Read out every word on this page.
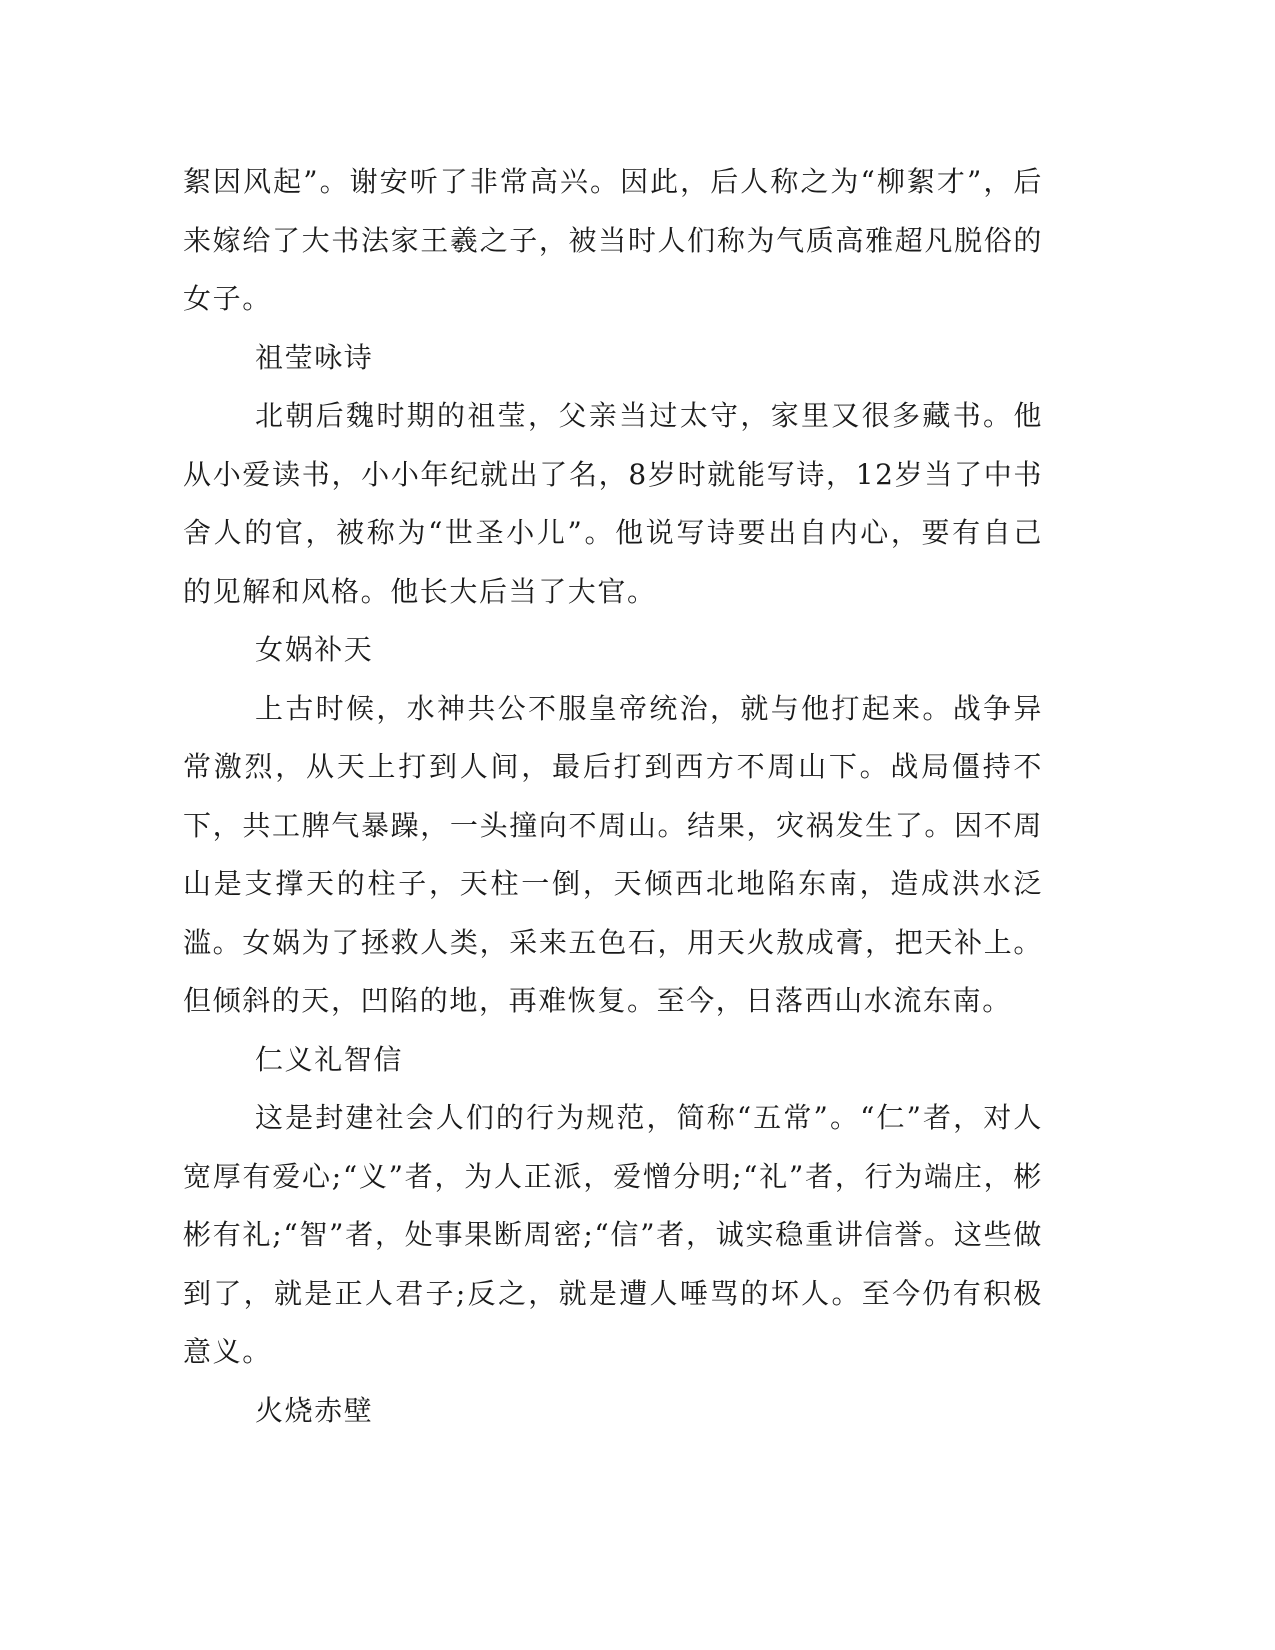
絮因风起”。谢安听了非常高兴。因此，后人称之为“柳絮才”，后来嫁给了大书法家王羲之子，被当时人们称为气质高雅超凡脱俗的女子。

祖莹咏诗

北朝后魏时期的祖莹，父亲当过太守，家里又很多藏书。他从小爱读书，小小年纪就出了名，8岁时就能写诗，12岁当了中书舍人的官，被称为“世圣小儿”。他说写诗要出自内心，要有自己的见解和风格。他长大后当了大官。

女娲补天

上古时候，水神共公不服皇帝统治，就与他打起来。战争异常激烈，从天上打到人间，最后打到西方不周山下。战局僵持不下，共工脾气暴躁，一头撞向不周山。结果，灾祸发生了。因不周山是支撑天的柱子，天柱一倒，天倾西北地陷东南，造成洪水泛滥。女娲为了拯救人类，采来五色石，用天火敖成膏，把天补上。但倾斜的天，凹陷的地，再难恢复。至今，日落西山水流东南。

仁义礼智信

这是封建社会人们的行为规范，简称“五常”。“仁”者，对人宽厚有爱心;“义”者，为人正派，爱憎分明;“礼”者，行为端庄，彬彬有礼;“智”者，处事果断周密;“信”者，诚实稳重讲信誉。这些做到了，就是正人君子;反之，就是遭人唾骂的坏人。至今仍有积极意义。

火烧赤壁
